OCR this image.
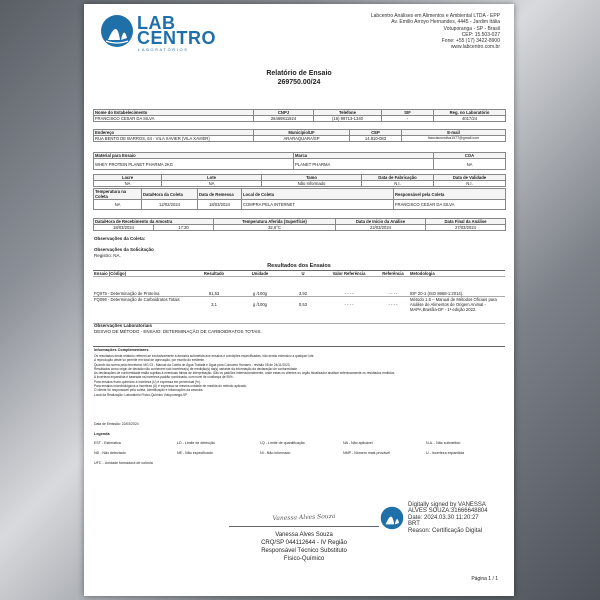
LAB
CENTRO
LABORATÓRIOS
Labcentro Análises em Alimentos e Ambiental LTDA - EPP
Av. Emilio Arroyo Hernandes, 4445 - Jardim Itália
Votuporanga - SP - Brasil
CEP: 15.503-027
Fone: +55 (17) 3422-8900
www.labcentro.com.br
Relatório de Ensaio
269750.00/24
Nome do Estabelecimento	CNPJ	Telefone	SIF	Reg. no Laboratório
FRANCISCO CESAR DA SILVA	28469811924	(16) 99713-1340	-	4017/24
Endereço	Município/UF	CEP	E-mail
RUA BENTO DE BARROS, 64 - VILA XAVIER (VILA XAVIER)	ARARAQUARA/SP	14.810-083	franciscocsilva1977@gmail.com
Material para Ensaio	Marca	COA
WHEY PROTEIN PLANET PHARMA 2KG	PLANET PHARMA	NA
Lacre	Lote	Tamo	Data de Fabricação	Data de Validade
NA	NA	Não Informado	N.I.	N.I.
Temperatura na Coleta	Data/Hora da Coleta	Data de Remessa	Local de Coleta	Responsável pela Coleta
NA	12/02/2024	18/03/2024	COMPRA PELA INTERNET	FRANCISCO CESAR DA SILVA
Data/Hora de Recebimento da Amostra		Temperatura Aferida (Superfície)	Data de Início da Análise	Data Final da Análise
18/03/2024	17:20	32,6°C	22/03/2024	27/03/2024
Observações da Coleta:
Observações da Solicitação
Registro: NA.
Resultados dos Ensaios
Ensaio (Código)	Resultado	Unidade	U	Valor Referência	Referência	Metodologia
FQ075 - Determinação de Proteína	81,53	g /100g	3,92	- - - -	- - - -	IDF 20-1 (ISO 8968-1:2014).
FQ096 - Determinação de Carboidratos Totais	3,1	g /100g	0,53	- - - -	- - - -	Método 1.6 – Manual de Métodos Oficiais para Análise de Alimentos de Origem Animal - MAPA,Brasília-DF - 1ª edição 2022.
Observações Laboratoriais
DESVIO DE MÉTODO - ENSAIO: DETERMINAÇÃO DE CARBOIDRATOS TOTAIS.
Informações Complementares
Os resultados deste relatório referem-se exclusivamente à amostra submetida aos ensaios e condições especificadas, não sendo extensivo a qualquer lote.
A reprodução deste só permite em total de aprovação, por escrito do emitente.
Quando da norma pela decretoria: MG 03 - Manual da Coleta de Água Tratada e Água para Consumo Humano - revisão 05 de 24/11/2023.
Resultados como origin de decisão não conhecem sob incerteza(s) de medição(s) da(s) variante da informação da declaração de conformidade.
As declarações de conformidade estão sujeitas à eventuais falhas de interpretação. São os padrões internacionalmente, onde estas os clientes ou órgão fiscalizador analisar criteriosamente os resultados emitidos.
A incerteza expandida é baseada na incerteza padrão combinada, com nível de confiança de 95%.
Para ensaios físico-químicos a incerteza (U) é expressa em percentual (%).
Para ensaios microbiológicos a incerteza (U) é expressa na mesma unidade de medida do método aplicado.
O cliente foi responsável pela coleta, identificação e informações da amostra.
Local da Realização: Laboratório Físico-Químico Votuporanga-SP
Data de Emissão: 22/03/2024
Legenda
EST - Estimativa	LD - Limite de detecção	LQ - Limite de quantificação	NA - Não aplicável	N.A. - Não submetido
ND - Não detectado	NE - Não especificado	NI - Não informado	NMP - Número mais provável	U - Incerteza expandida
UFC - Unidade formadora de colônia
Digitally signed by VANESSA
ALVES SOUZA:31666648804
Date: 2024.03.30 11:20:27
BRT
Reason: Certificação Digital
Vanessa Alves Souza
Vanessa Alves Souza
CRQ/SP 044112644 - IV Região
Responsável Técnico Substituto
Físico-Químico
Página 1 / 1
